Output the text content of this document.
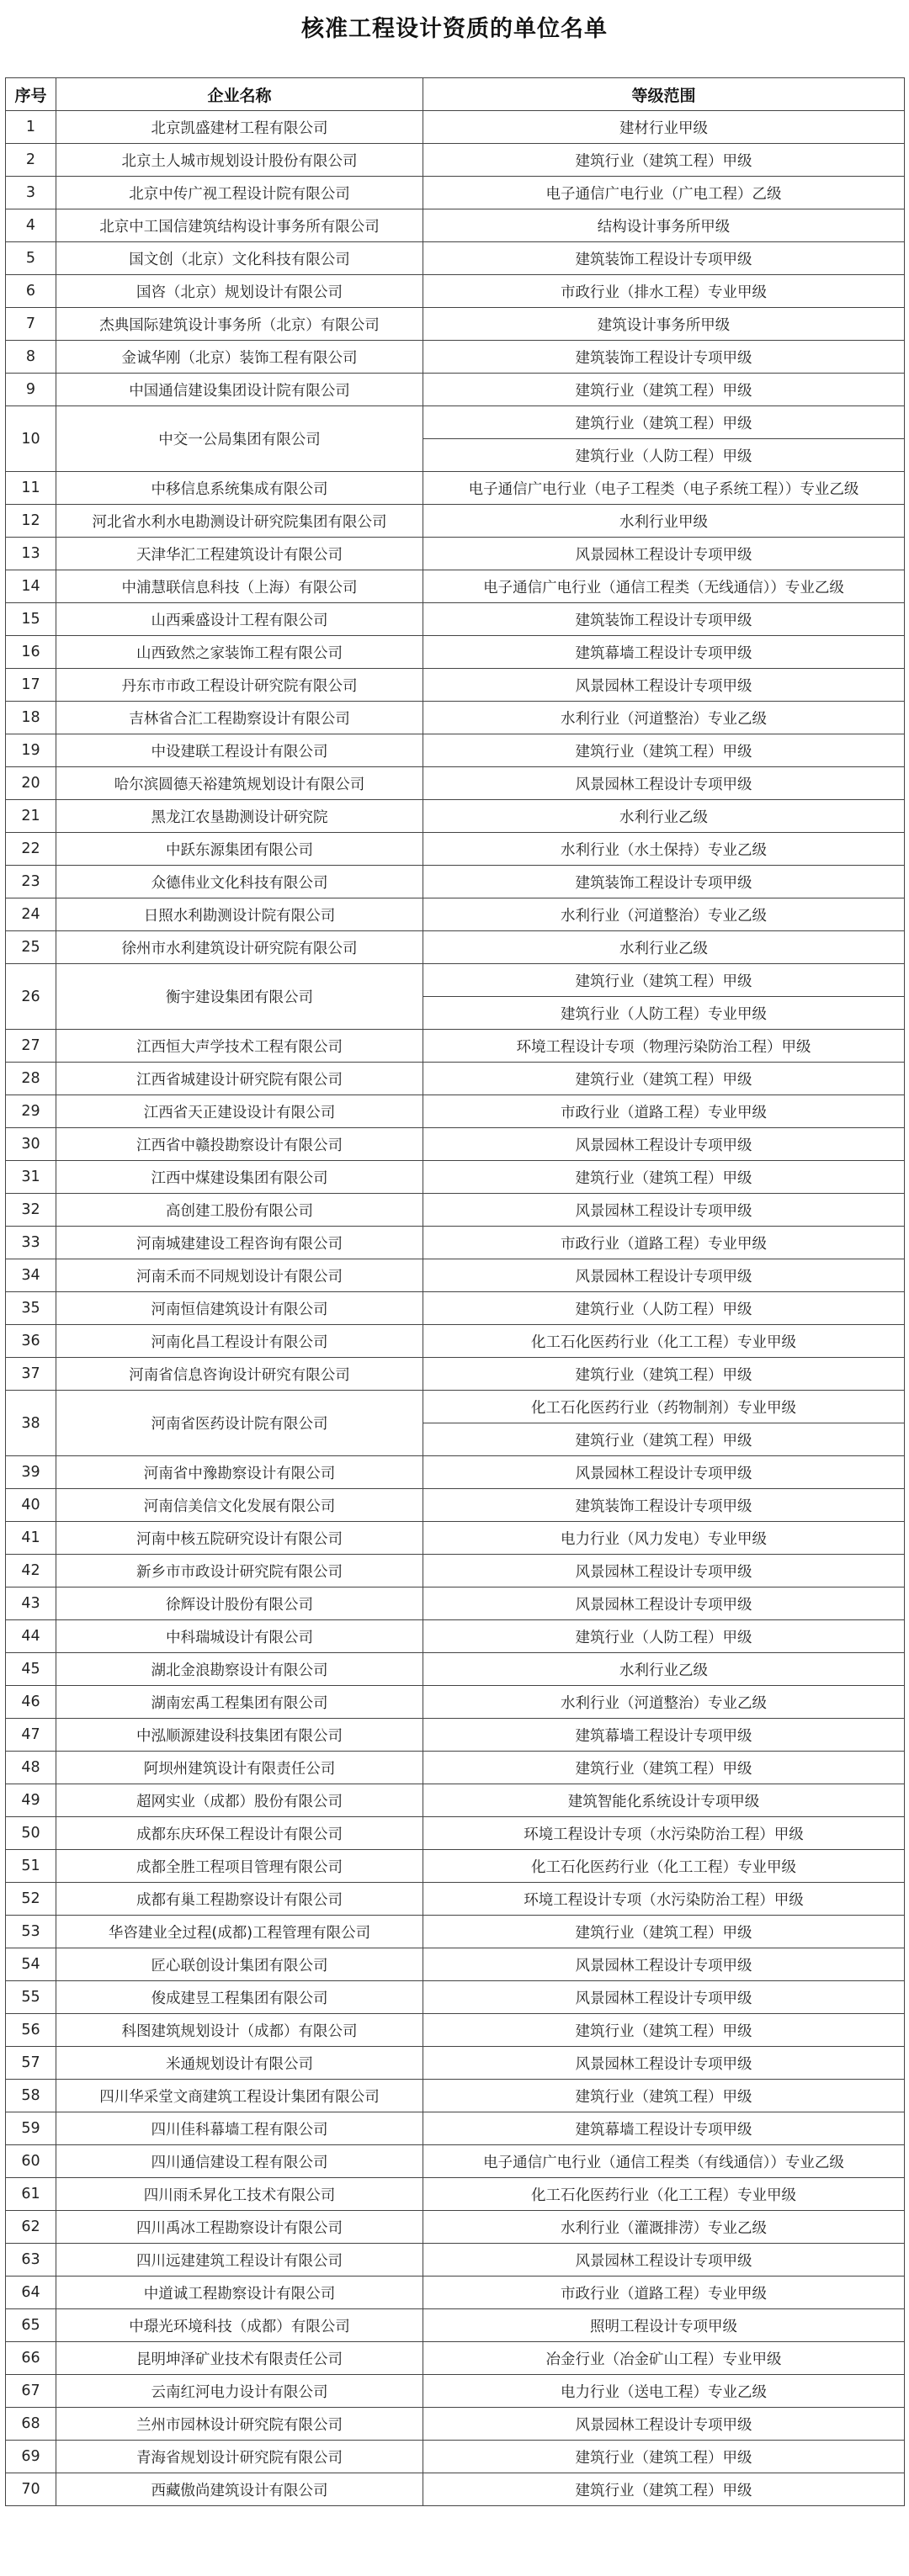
核准工程设计资质的单位名单
序号	企业名称	等级范围
1	北京凯盛建材工程有限公司	建材行业甲级
2	北京土人城市规划设计股份有限公司	建筑行业（建筑工程）甲级
3	北京中传广视工程设计院有限公司	电子通信广电行业（广电工程）乙级
4	北京中工国信建筑结构设计事务所有限公司	结构设计事务所甲级
5	国文创（北京）文化科技有限公司	建筑装饰工程设计专项甲级
6	国咨（北京）规划设计有限公司	市政行业（排水工程）专业甲级
7	杰典国际建筑设计事务所（北京）有限公司	建筑设计事务所甲级
8	金诚华刚（北京）装饰工程有限公司	建筑装饰工程设计专项甲级
9	中国通信建设集团设计院有限公司	建筑行业（建筑工程）甲级
10	中交一公局集团有限公司	建筑行业（建筑工程）甲级
		建筑行业（人防工程）甲级
11	中移信息系统集成有限公司	电子通信广电行业（电子工程类（电子系统工程））专业乙级
12	河北省水利水电勘测设计研究院集团有限公司	水利行业甲级
13	天津华汇工程建筑设计有限公司	风景园林工程设计专项甲级
14	中浦慧联信息科技（上海）有限公司	电子通信广电行业（通信工程类（无线通信））专业乙级
15	山西乘盛设计工程有限公司	建筑装饰工程设计专项甲级
16	山西致然之家装饰工程有限公司	建筑幕墙工程设计专项甲级
17	丹东市市政工程设计研究院有限公司	风景园林工程设计专项甲级
18	吉林省合汇工程勘察设计有限公司	水利行业（河道整治）专业乙级
19	中设建联工程设计有限公司	建筑行业（建筑工程）甲级
20	哈尔滨圆德天裕建筑规划设计有限公司	风景园林工程设计专项甲级
21	黑龙江农垦勘测设计研究院	水利行业乙级
22	中跃东源集团有限公司	水利行业（水土保持）专业乙级
23	众德伟业文化科技有限公司	建筑装饰工程设计专项甲级
24	日照水利勘测设计院有限公司	水利行业（河道整治）专业乙级
25	徐州市水利建筑设计研究院有限公司	水利行业乙级
26	衡宇建设集团有限公司	建筑行业（建筑工程）甲级
		建筑行业（人防工程）专业甲级
27	江西恒大声学技术工程有限公司	环境工程设计专项（物理污染防治工程）甲级
28	江西省城建设计研究院有限公司	建筑行业（建筑工程）甲级
29	江西省天正建设设计有限公司	市政行业（道路工程）专业甲级
30	江西省中赣投勘察设计有限公司	风景园林工程设计专项甲级
31	江西中煤建设集团有限公司	建筑行业（建筑工程）甲级
32	高创建工股份有限公司	风景园林工程设计专项甲级
33	河南城建建设工程咨询有限公司	市政行业（道路工程）专业甲级
34	河南禾而不同规划设计有限公司	风景园林工程设计专项甲级
35	河南恒信建筑设计有限公司	建筑行业（人防工程）甲级
36	河南化昌工程设计有限公司	化工石化医药行业（化工工程）专业甲级
37	河南省信息咨询设计研究有限公司	建筑行业（建筑工程）甲级
38	河南省医药设计院有限公司	化工石化医药行业（药物制剂）专业甲级
		建筑行业（建筑工程）甲级
39	河南省中豫勘察设计有限公司	风景园林工程设计专项甲级
40	河南信美信文化发展有限公司	建筑装饰工程设计专项甲级
41	河南中核五院研究设计有限公司	电力行业（风力发电）专业甲级
42	新乡市市政设计研究院有限公司	风景园林工程设计专项甲级
43	徐辉设计股份有限公司	风景园林工程设计专项甲级
44	中科瑞城设计有限公司	建筑行业（人防工程）甲级
45	湖北金浪勘察设计有限公司	水利行业乙级
46	湖南宏禹工程集团有限公司	水利行业（河道整治）专业乙级
47	中泓顺源建设科技集团有限公司	建筑幕墙工程设计专项甲级
48	阿坝州建筑设计有限责任公司	建筑行业（建筑工程）甲级
49	超网实业（成都）股份有限公司	建筑智能化系统设计专项甲级
50	成都东庆环保工程设计有限公司	环境工程设计专项（水污染防治工程）甲级
51	成都全胜工程项目管理有限公司	化工石化医药行业（化工工程）专业甲级
52	成都有巢工程勘察设计有限公司	环境工程设计专项（水污染防治工程）甲级
53	华咨建业全过程(成都)工程管理有限公司	建筑行业（建筑工程）甲级
54	匠心联创设计集团有限公司	风景园林工程设计专项甲级
55	俊成建昱工程集团有限公司	风景园林工程设计专项甲级
56	科图建筑规划设计（成都）有限公司	建筑行业（建筑工程）甲级
57	米通规划设计有限公司	风景园林工程设计专项甲级
58	四川华采堂文商建筑工程设计集团有限公司	建筑行业（建筑工程）甲级
59	四川佳科幕墙工程有限公司	建筑幕墙工程设计专项甲级
60	四川通信建设工程有限公司	电子通信广电行业（通信工程类（有线通信））专业乙级
61	四川雨禾昇化工技术有限公司	化工石化医药行业（化工工程）专业甲级
62	四川禹冰工程勘察设计有限公司	水利行业（灌溉排涝）专业乙级
63	四川远建建筑工程设计有限公司	风景园林工程设计专项甲级
64	中道诚工程勘察设计有限公司	市政行业（道路工程）专业甲级
65	中璟光环境科技（成都）有限公司	照明工程设计专项甲级
66	昆明坤泽矿业技术有限责任公司	冶金行业（冶金矿山工程）专业甲级
67	云南红河电力设计有限公司	电力行业（送电工程）专业乙级
68	兰州市园林设计研究院有限公司	风景园林工程设计专项甲级
69	青海省规划设计研究院有限公司	建筑行业（建筑工程）甲级
70	西藏傲尚建筑设计有限公司	建筑行业（建筑工程）甲级
